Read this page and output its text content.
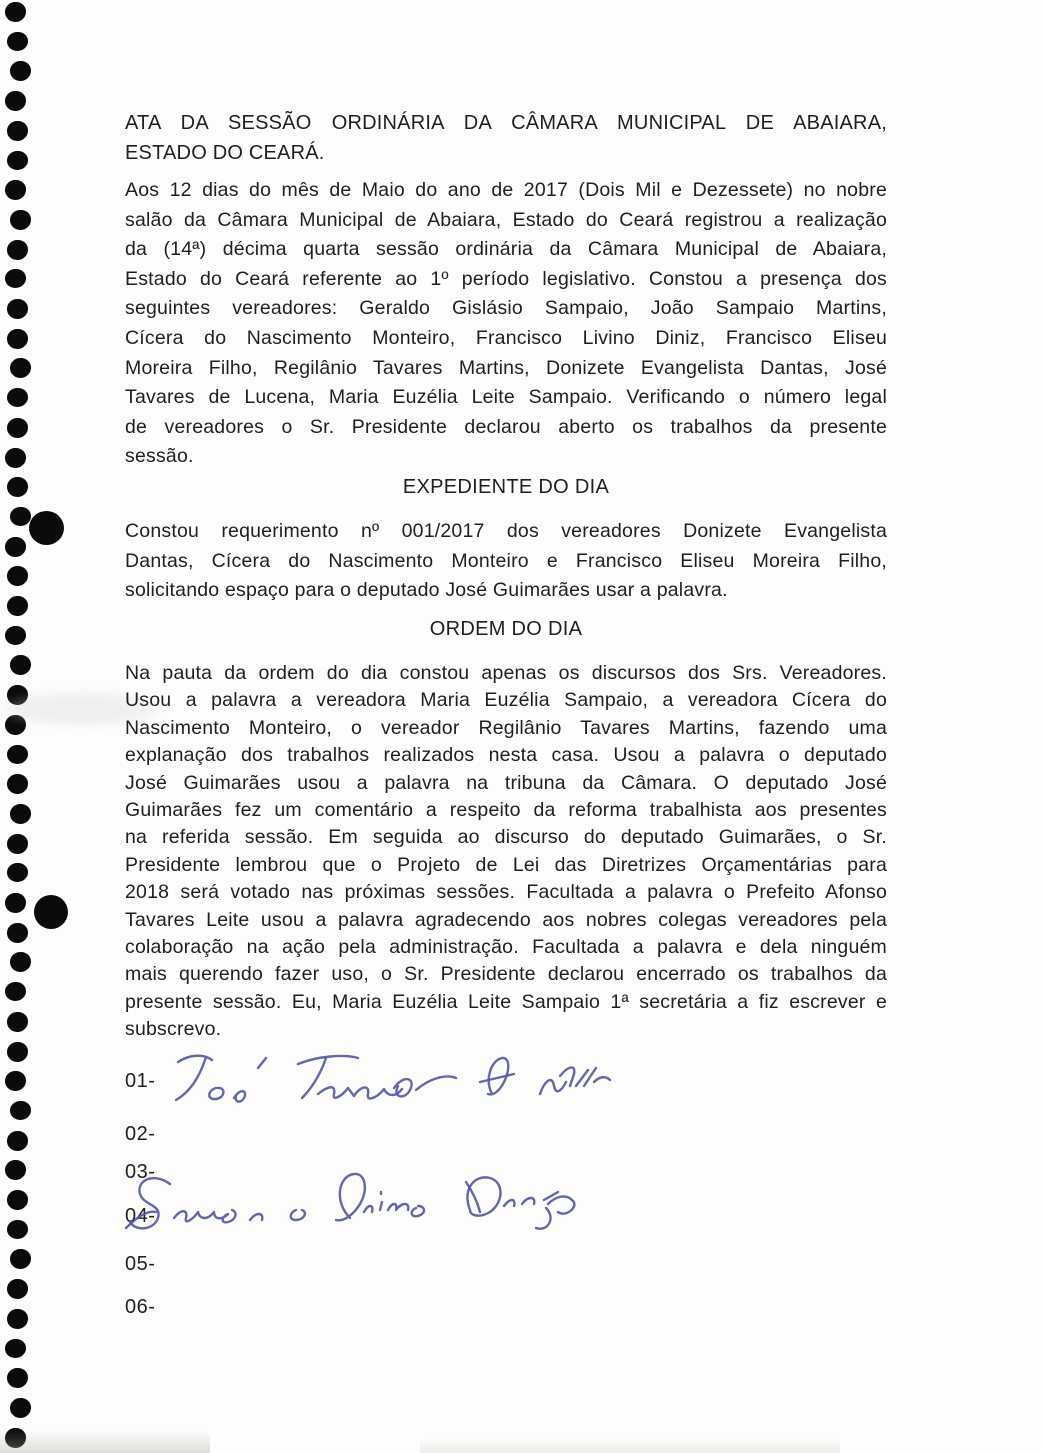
ATA DA SESSÃO ORDINÁRIA DA CÂMARA MUNICIPAL DE ABAIARA,
ESTADO DO CEARÁ.
Aos 12 dias do mês de Maio do ano de 2017 (Dois Mil e Dezessete) no nobre
salão da Câmara Municipal de Abaiara, Estado do Ceará registrou a realização
da (14ª) décima quarta sessão ordinária da Câmara Municipal de Abaiara,
Estado do Ceará referente ao 1º período legislativo. Constou a presença dos
seguintes vereadores: Geraldo Gislásio Sampaio, João Sampaio Martins,
Cícera do Nascimento Monteiro, Francisco Livino Diniz, Francisco Eliseu
Moreira Filho, Regilânio Tavares Martins, Donizete Evangelista Dantas, José
Tavares de Lucena, Maria Euzélia Leite Sampaio. Verificando o número legal
de vereadores o Sr. Presidente declarou aberto os trabalhos da presente
sessão.
EXPEDIENTE DO DIA
Constou requerimento nº 001/2017 dos vereadores Donizete Evangelista
Dantas, Cícera do Nascimento Monteiro e Francisco Eliseu Moreira Filho,
solicitando espaço para o deputado José Guimarães usar a palavra.
ORDEM DO DIA
Na pauta da ordem do dia constou apenas os discursos dos Srs. Vereadores.
Usou a palavra a vereadora Maria Euzélia Sampaio, a vereadora Cícera do
Nascimento Monteiro, o vereador Regilânio Tavares Martins, fazendo uma
explanação dos trabalhos realizados nesta casa. Usou a palavra o deputado
José Guimarães usou a palavra na tribuna da Câmara. O deputado José
Guimarães fez um comentário a respeito da reforma trabalhista aos presentes
na referida sessão. Em seguida ao discurso do deputado Guimarães, o Sr.
Presidente lembrou que o Projeto de Lei das Diretrizes Orçamentárias para
2018 será votado nas próximas sessões. Facultada a palavra o Prefeito Afonso
Tavares Leite usou a palavra agradecendo aos nobres colegas vereadores pela
colaboração na ação pela administração. Facultada a palavra e dela ninguém
mais querendo fazer uso, o Sr. Presidente declarou encerrado os trabalhos da
presente sessão. Eu, Maria Euzélia Leite Sampaio 1ª secretária a fiz escrever e
subscrevo.
01-
02-
03-
04-
05-
06-
